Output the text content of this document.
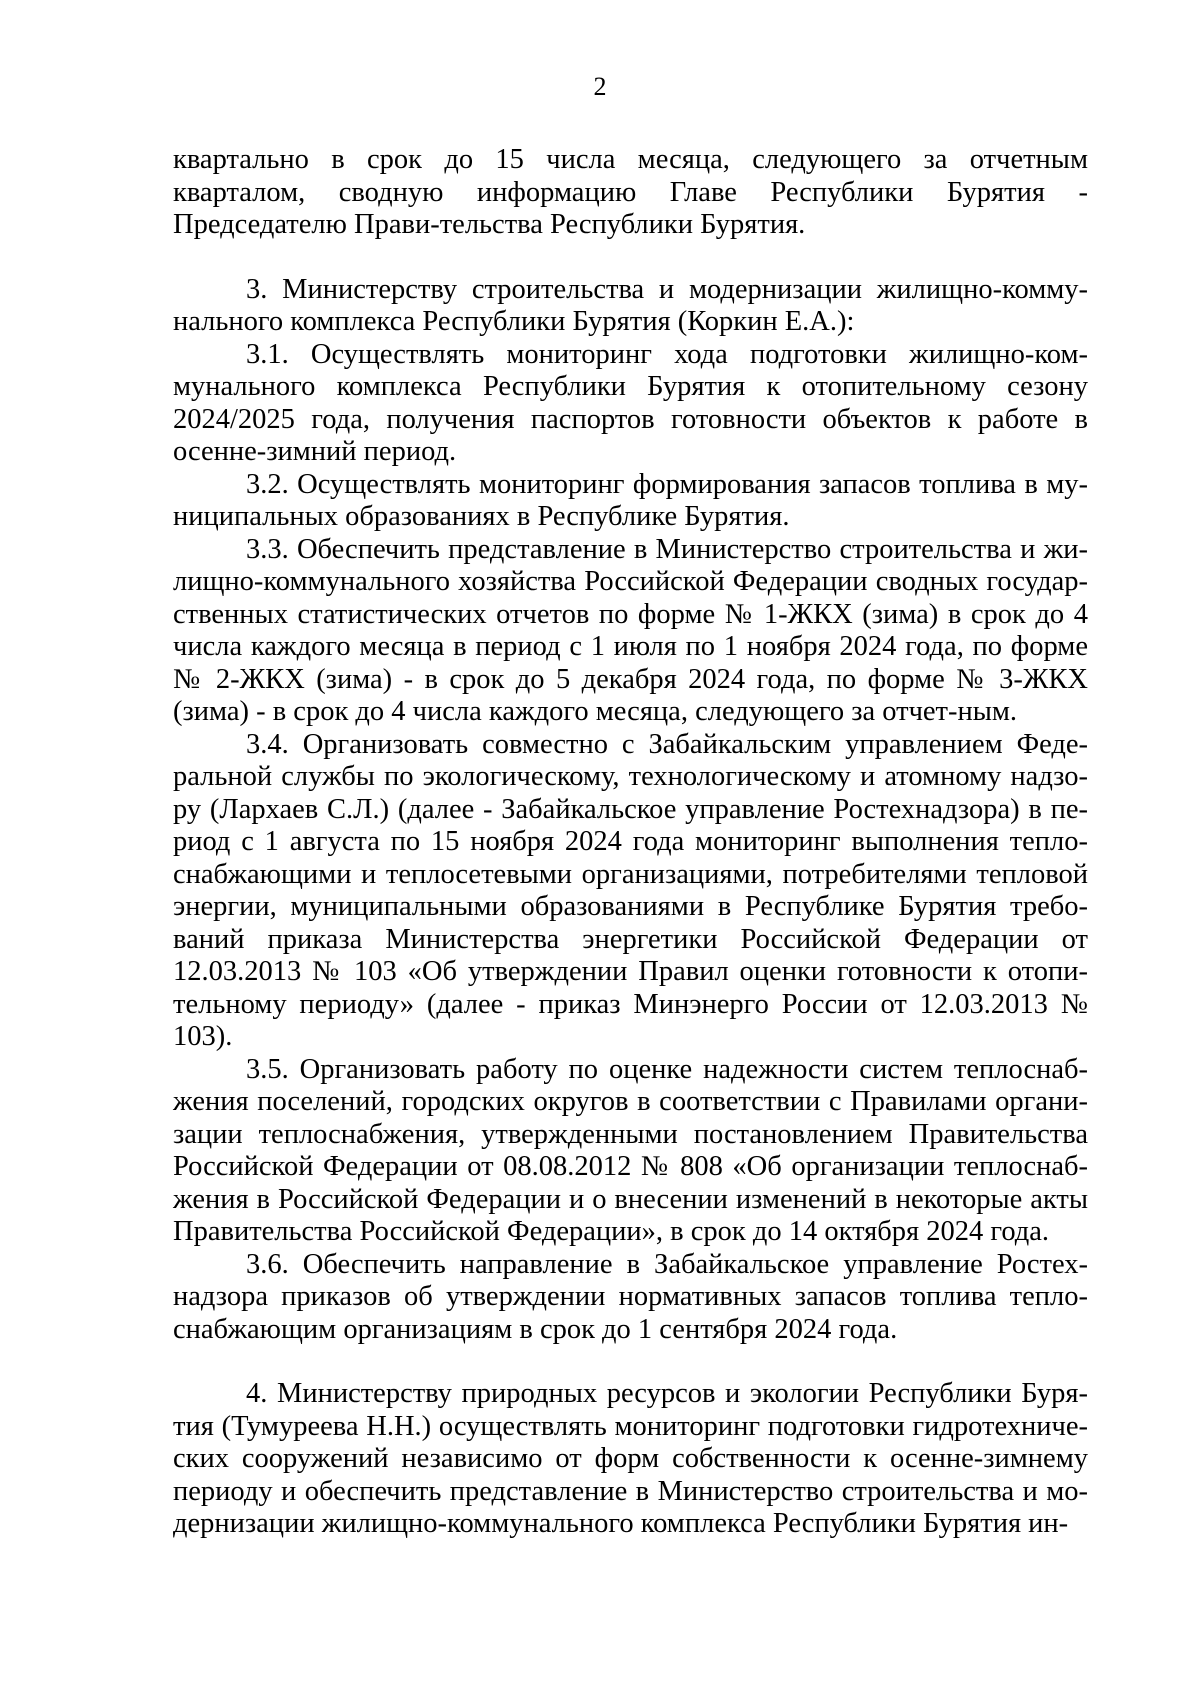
2

квартально в срок до 15 числа месяца, следующего за отчетным кварталом, сводную информацию Главе Республики Бурятия - Председателю Прави-тельства Республики Бурятия.

3. Министерству строительства и модернизации жилищно-комму-нального комплекса Республики Бурятия (Коркин Е.А.):

3.1. Осуществлять мониторинг хода подготовки жилищно-ком-мунального комплекса Республики Бурятия к отопительному сезону 2024/2025 года, получения паспортов готовности объектов к работе в осенне-зимний период.

3.2. Осуществлять мониторинг формирования запасов топлива в му-ниципальных образованиях в Республике Бурятия.

3.3. Обеспечить представление в Министерство строительства и жи-лищно-коммунального хозяйства Российской Федерации сводных государ-ственных статистических отчетов по форме № 1-ЖКХ (зима) в срок до 4 числа каждого месяца в период с 1 июля по 1 ноября 2024 года, по форме № 2-ЖКХ (зима) - в срок до 5 декабря 2024 года, по форме № 3-ЖКХ (зима) - в срок до 4 числа каждого месяца, следующего за отчет-ным.

3.4. Организовать совместно с Забайкальским управлением Феде-ральной службы по экологическому, технологическому и атомному надзо-ру (Лархаев С.Л.) (далее - Забайкальское управление Ростехнадзора) в пе-риод с 1 августа по 15 ноября 2024 года мониторинг выполнения тепло-снабжающими и теплосетевыми организациями, потребителями тепловой энергии, муниципальными образованиями в Республике Бурятия требо-ваний приказа Министерства энергетики Российской Федерации от 12.03.2013 № 103 «Об утверждении Правил оценки готовности к отопи-тельному периоду» (далее - приказ Минэнерго России от 12.03.2013 № 103).

3.5. Организовать работу по оценке надежности систем теплоснаб-жения поселений, городских округов в соответствии с Правилами органи-зации теплоснабжения, утвержденными постановлением Правительства Российской Федерации от 08.08.2012 № 808 «Об организации теплоснаб-жения в Российской Федерации и о внесении изменений в некоторые акты Правительства Российской Федерации», в срок до 14 октября 2024 года.

3.6. Обеспечить направление в Забайкальское управление Ростех-надзора приказов об утверждении нормативных запасов топлива тепло-снабжающим организациям в срок до 1 сентября 2024 года.

4. Министерству природных ресурсов и экологии Республики Буря-тия (Тумуреева Н.Н.) осуществлять мониторинг подготовки гидротехниче-ских сооружений независимо от форм собственности к осенне-зимнему периоду и обеспечить представление в Министерство строительства и мо-дернизации жилищно-коммунального комплекса Республики Бурятия ин-
